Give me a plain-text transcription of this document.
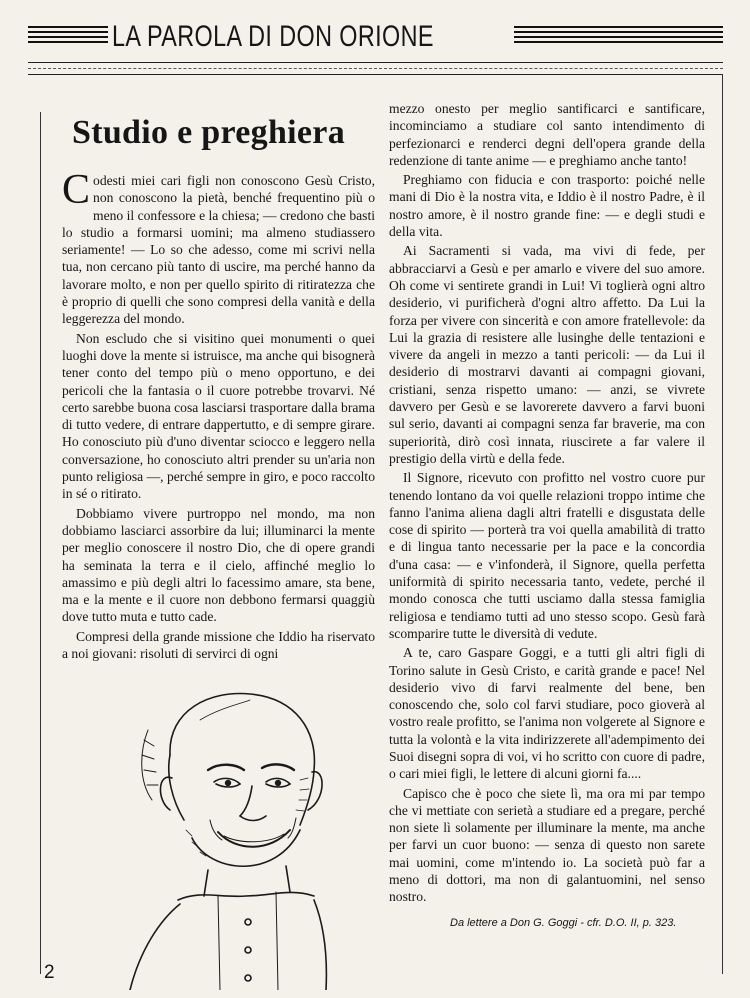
LA PAROLA DI DON ORIONE
Studio e preghiera

Codesti miei cari figli non conoscono Gesù Cristo, non conoscono la pietà, benché frequentino più o meno il confessore e la chiesa; — credono che basti lo studio a formarsi uomini; ma almeno studiassero seriamente! — Lo so che adesso, come mi scrivi nella tua, non cercano più tanto di uscire, ma perché hanno da lavorare molto, e non per quello spirito di ritiratezza che è proprio di quelli che sono compresi della vanità e della leggerezza del mondo.

Non escludo che si visitino quei monumenti o quei luoghi dove la mente si istruisce, ma anche qui bisognerà tener conto del tempo più o meno opportuno, e dei pericoli che la fantasia o il cuore potrebbe trovarvi. Né certo sarebbe buona cosa lasciarsi trasportare dalla brama di tutto vedere, di entrare dappertutto, e di sempre girare. Ho conosciuto più d'uno diventar sciocco e leggero nella conversazione, ho conosciuto altri prender su un'aria non punto religiosa —, perché sempre in giro, e poco raccolto in sé o ritirato.

Dobbiamo vivere purtroppo nel mondo, ma non dobbiamo lasciarci assorbire da lui; illuminarci la mente per meglio conoscere il nostro Dio, che di opere grandi ha seminata la terra e il cielo, affinché meglio lo amassimo e più degli altri lo facessimo amare, sta bene, ma e la mente e il cuore non debbono fermarsi quaggiù dove tutto muta e tutto cade.

Compresi della grande missione che Iddio ha riservato a noi giovani: risoluti di servirci di ogni

mezzo onesto per meglio santificarci e santificare, incominciamo a studiare col santo intendimento di perfezionarci e renderci degni dell'opera grande della redenzione di tante anime — e preghiamo anche tanto!

Preghiamo con fiducia e con trasporto: poiché nelle mani di Dio è la nostra vita, e Iddio è il nostro Padre, è il nostro amore, è il nostro grande fine: — e degli studi e della vita.

Ai Sacramenti si vada, ma vivi di fede, per abbracciarvi a Gesù e per amarlo e vivere del suo amore. Oh come vi sentirete grandi in Lui! Vi toglierà ogni altro desiderio, vi purificherà d'ogni altro affetto. Da Lui la forza per vivere con sincerità e con amore fratellevole: da Lui la grazia di resistere alle lusinghe delle tentazioni e vivere da angeli in mezzo a tanti pericoli: — da Lui il desiderio di mostrarvi davanti ai compagni giovani, cristiani, senza rispetto umano: — anzi, se vivrete davvero per Gesù e se lavorerete davvero a farvi buoni sul serio, davanti ai compagni senza far braverie, ma con superiorità, dirò così innata, riuscirete a far valere il prestigio della virtù e della fede.

Il Signore, ricevuto con profitto nel vostro cuore pur tenendo lontano da voi quelle relazioni troppo intime che fanno l'anima aliena dagli altri fratelli e disgustata delle cose di spirito — porterà tra voi quella amabilità di tratto e di lingua tanto necessarie per la pace e la concordia d'una casa: — e v'infonderà, il Signore, quella perfetta uniformità di spirito necessaria tanto, vedete, perché il mondo conosca che tutti usciamo dalla stessa famiglia religiosa e tendiamo tutti ad uno stesso scopo. Gesù farà scomparire tutte le diversità di vedute.

A te, caro Gaspare Goggi, e a tutti gli altri figli di Torino salute in Gesù Cristo, e carità grande e pace! Nel desiderio vivo di farvi realmente del bene, ben conoscendo che, solo col farvi studiare, poco gioverà al vostro reale profitto, se l'anima non volgerete al Signore e tutta la volontà e la vita indirizzerete all'adempimento dei Suoi disegni sopra di voi, vi ho scritto con cuore di padre, o cari miei figli, le lettere di alcuni giorni fa....

Capisco che è poco che siete lì, ma ora mi par tempo che vi mettiate con serietà a studiare ed a pregare, perché non siete lì solamente per illuminare la mente, ma anche per farvi un cuor buono: — senza di questo non sarete mai uomini, come m'intendo io. La società può far a meno di dottori, ma non di galantuomini, nel senso nostro.

Da lettere a Don G. Goggi - cfr. D.O. II, p. 323.
2
